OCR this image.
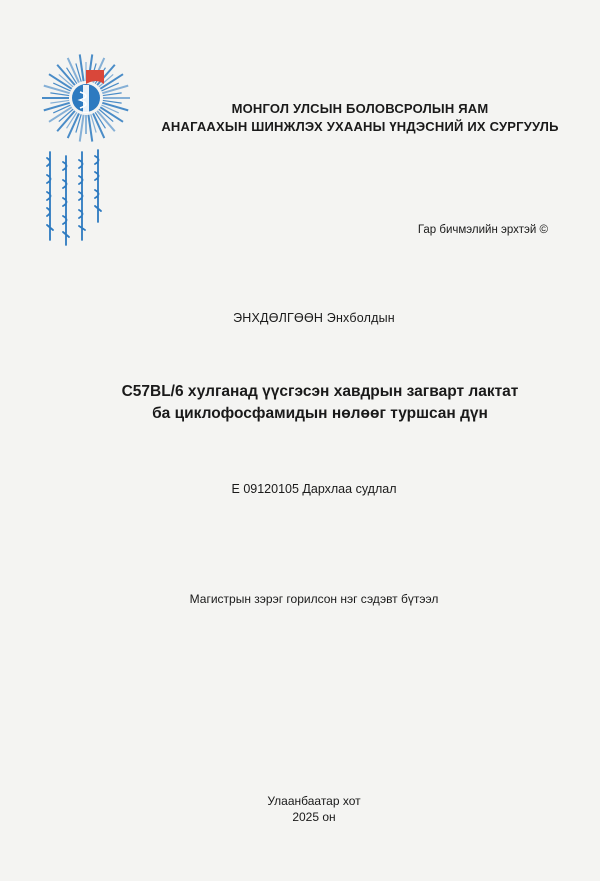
МОНГОЛ УЛСЫН БОЛОВСРОЛЫН ЯАМ
АНАГААХЫН ШИНЖЛЭХ УХААНЫ ҮНДЭСНИЙ ИХ СУРГУУЛЬ
Гар бичмэлийн эрхтэй ©
ЭНХДӨЛГӨӨН Энхболдын
C57BL/6 хулганад үүсгэсэн хавдрын загварт лактат
ба циклофосфамидын нөлөөг туршсан дүн
Е 09120105 Дархлаа судлал
Магистрын зэрэг горилсон нэг сэдэвт бүтээл
Улаанбаатар хот
2025 он
